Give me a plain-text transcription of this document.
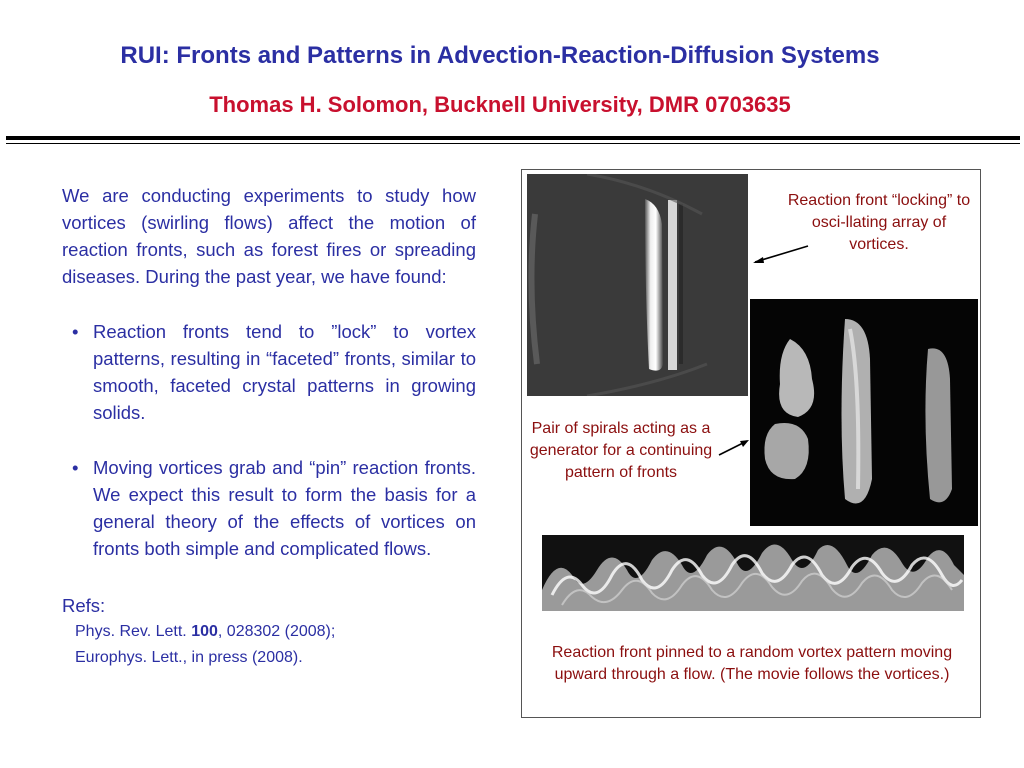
RUI: Fronts and Patterns in Advection-Reaction-Diffusion Systems
Thomas H. Solomon, Bucknell University, DMR 0703635
We are conducting experiments to study how vortices (swirling flows) affect the motion of reaction fronts, such as forest fires or spreading diseases. During the past year, we have found:
• Reaction fronts tend to ”lock” to vortex patterns, resulting in “faceted” fronts, similar to smooth, faceted crystal patterns in growing solids.
• Moving vortices grab and “pin” reaction fronts. We expect this result to form the basis for a general theory of the effects of vortices on fronts both simple and complicated flows.
Refs:
Phys. Rev. Lett. 100, 028302 (2008);
Europhys. Lett., in press (2008).
Reaction front “locking” to osci-llating array of vortices.
Pair of spirals acting as a generator for a continuing pattern of fronts
Reaction front pinned to a random vortex pattern moving upward through a flow. (The movie follows the vortices.)
